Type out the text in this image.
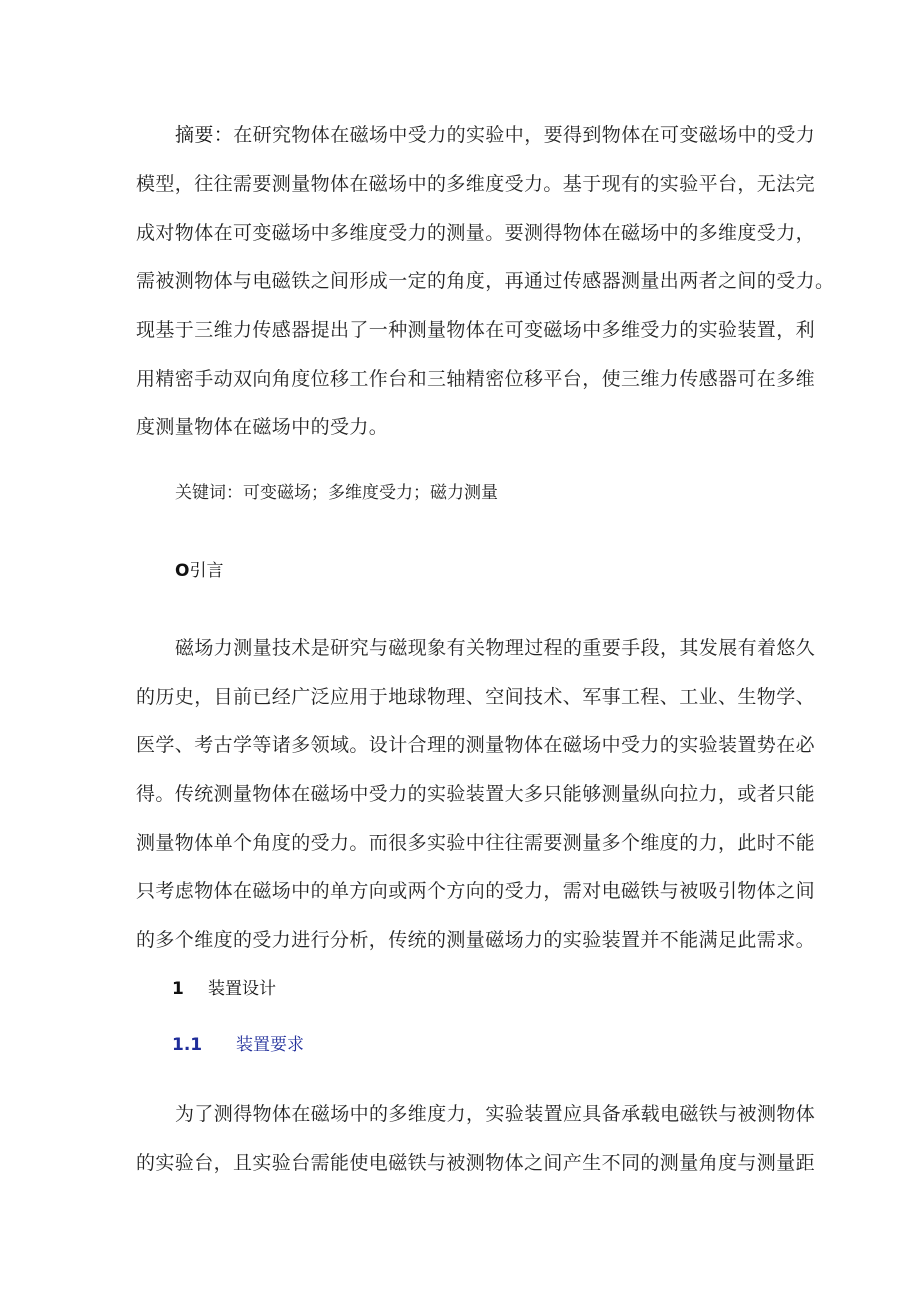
摘要：在研究物体在磁场中受力的实验中，要得到物体在可变磁场中的受力
模型，往往需要测量物体在磁场中的多维度受力。基于现有的实验平台，无法完
成对物体在可变磁场中多维度受力的测量。要测得物体在磁场中的多维度受力，
需被测物体与电磁铁之间形成一定的角度，再通过传感器测量出两者之间的受力。
现基于三维力传感器提出了一种测量物体在可变磁场中多维受力的实验装置，利
用精密手动双向角度位移工作台和三轴精密位移平台，使三维力传感器可在多维
度测量物体在磁场中的受力。
关键词：可变磁场；多维度受力；磁力测量
O引言
磁场力测量技术是研究与磁现象有关物理过程的重要手段，其发展有着悠久
的历史，目前已经广泛应用于地球物理、空间技术、军事工程、工业、生物学、
医学、考古学等诸多领域。设计合理的测量物体在磁场中受力的实验装置势在必
得。传统测量物体在磁场中受力的实验装置大多只能够测量纵向拉力，或者只能
测量物体单个角度的受力。而很多实验中往往需要测量多个维度的力，此时不能
只考虑物体在磁场中的单方向或两个方向的受力，需对电磁铁与被吸引物体之间
的多个维度的受力进行分析，传统的测量磁场力的实验装置并不能满足此需求。
1 装置设计
1.1 装置要求
为了测得物体在磁场中的多维度力，实验装置应具备承载电磁铁与被测物体
的实验台，且实验台需能使电磁铁与被测物体之间产生不同的测量角度与测量距
